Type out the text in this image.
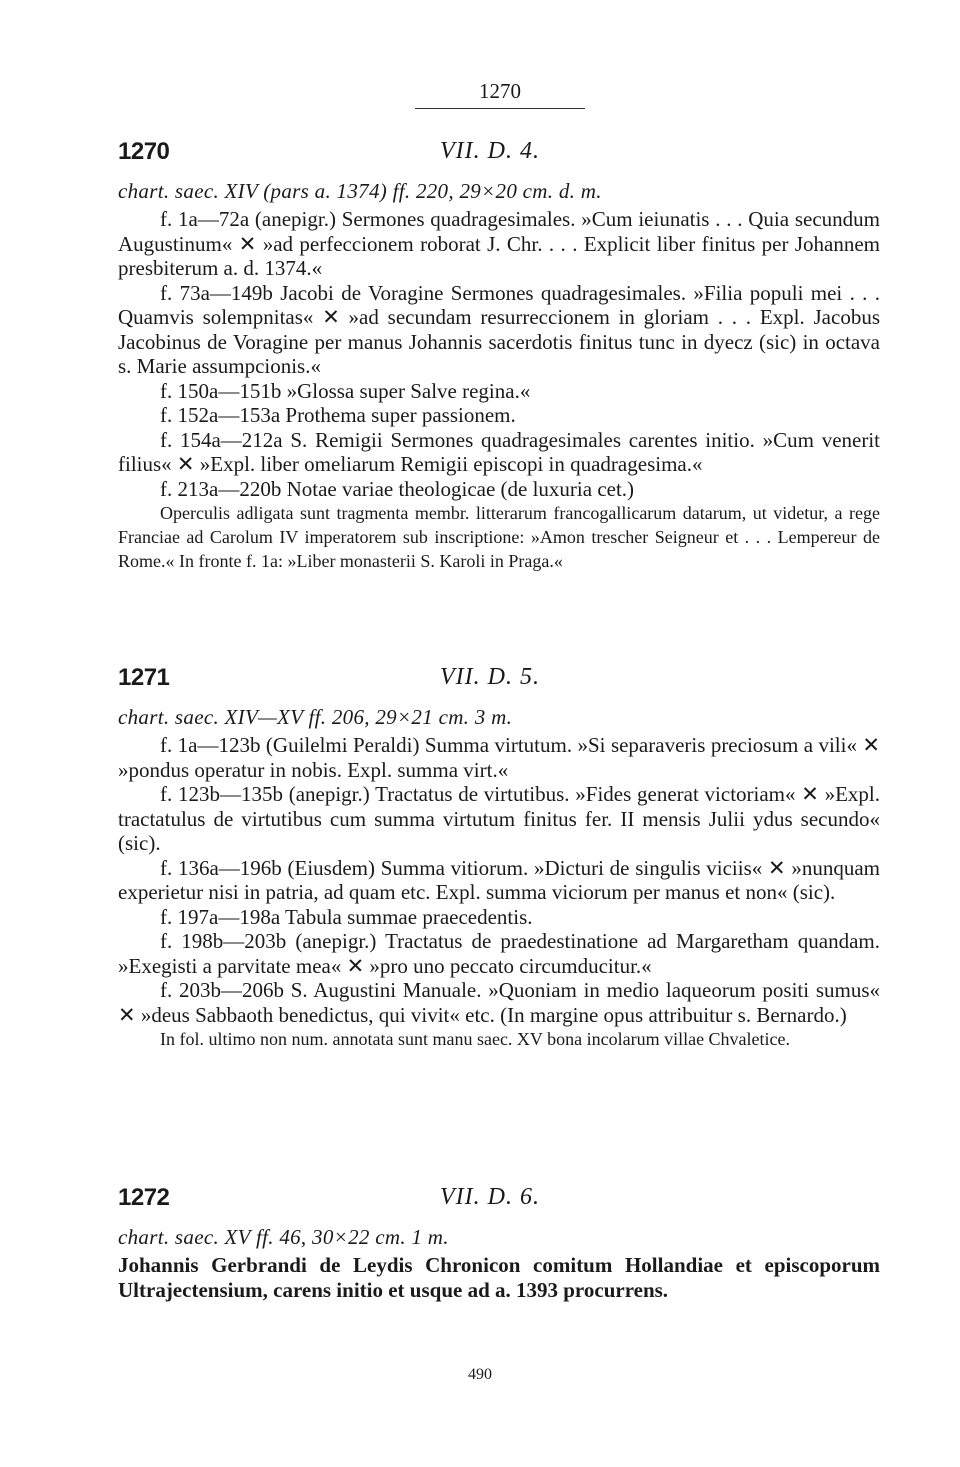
1270
1270	VII. D. 4.

chart. saec. XIV (pars a. 1374) ff. 220, 29×20 cm. d. m.

f. 1a—72a (anepigr.) Sermones quadragesimales. »Cum ieiunatis . . . Quia secundum Augustinum« ✕ »ad perfeccionem roborat J. Chr. . . . Explicit liber finitus per Johannem presbiterum a. d. 1374.«

f. 73a—149b Jacobi de Voragine Sermones quadragesimales. »Filia populi mei . . . Quamvis solempnitas« ✕ »ad secundam resurreccionem in gloriam . . . Expl. Jacobus Jacobinus de Voragine per manus Johannis sacerdotis finitus tunc in dyecz (sic) in octava s. Marie assumpcionis.«

f. 150a—151b »Glossa super Salve regina.«

f. 152a—153a Prothema super passionem.

f. 154a—212a S. Remigii Sermones quadragesimales carentes initio. »Cum venerit filius« ✕ »Expl. liber omeliarum Remigii episcopi in quadragesima.«

f. 213a—220b Notae variae theologicae (de luxuria cet.)

Operculis adligata sunt tragmenta membr. litterarum francogallicarum datarum, ut videtur, a rege Franciae ad Carolum IV imperatorem sub inscriptione: »Amon trescher Seigneur et . . . Lempereur de Rome.« In fronte f. 1a: »Liber monasterii S. Karoli in Praga.«

1271	VII. D. 5.

chart. saec. XIV—XV ff. 206, 29×21 cm. 3 m.

f. 1a—123b (Guilelmi Peraldi) Summa virtutum. »Si separaveris preciosum a vili« ✕ »pondus operatur in nobis. Expl. summa virt.«

f. 123b—135b (anepigr.) Tractatus de virtutibus. »Fides generat victoriam« ✕ »Expl. tractatulus de virtutibus cum summa virtutum finitus fer. II mensis Julii ydus secundo« (sic).

f. 136a—196b (Eiusdem) Summa vitiorum. »Dicturi de singulis viciis« ✕ »nunquam experietur nisi in patria, ad quam etc. Expl. summa viciorum per manus et non« (sic).

f. 197a—198a Tabula summae praecedentis.

f. 198b—203b (anepigr.) Tractatus de praedestinatione ad Margaretham quandam. »Exegisti a parvitate mea« ✕ »pro uno peccato circumducitur.«

f. 203b—206b S. Augustini Manuale. »Quoniam in medio laqueorum positi sumus« ✕ »deus Sabbaoth benedictus, qui vivit« etc. (In margine opus attribuitur s. Bernardo.)

In fol. ultimo non num. annotata sunt manu saec. XV bona incolarum villae Chvaletice.

1272	VII. D. 6.

chart. saec. XV ff. 46, 30×22 cm. 1 m.

Johannis Gerbrandi de Leydis Chronicon comitum Hollandiae et episcoporum Ultrajectensium, carens initio et usque ad a. 1393 procurrens.

490
